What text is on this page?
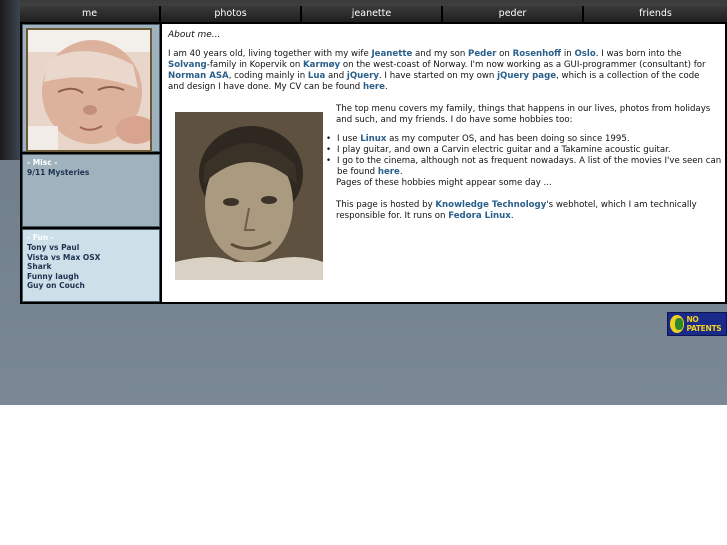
me	photos	jeanette	peder	friends
- Misc -
9/11 Mysteries
- Fun -
Tony vs Paul
Vista vs Max OSX
Shark
Funny laugh
Guy on Couch
About me...

I am 40 years old, living together with my wife Jeanette and my son Peder on Rosenhoff in Oslo. I was born into the Solvang-family in Kopervik on Karmøy on the west-coast of Norway. I'm now working as a GUI-programmer (consultant) for Norman ASA, coding mainly in Lua and jQuery. I have started on my own jQuery page, which is a collection of the code and design I have done. My CV can be found here.

The top menu covers my family, things that happens in our lives, photos from holidays and such, and my friends. I do have some hobbies too:

• I use Linux as my computer OS, and has been doing so since 1995.
• I play guitar, and own a Carvin electric guitar and a Takamine acoustic guitar.
• I go to the cinema, although not as frequent nowadays. A list of the movies I've seen can be found here.

Pages of these hobbies might appear some day ...

This page is hosted by Knowledge Technology's webhotel, which I am technically responsible for. It runs on Fedora Linux.

NO PATENTS
